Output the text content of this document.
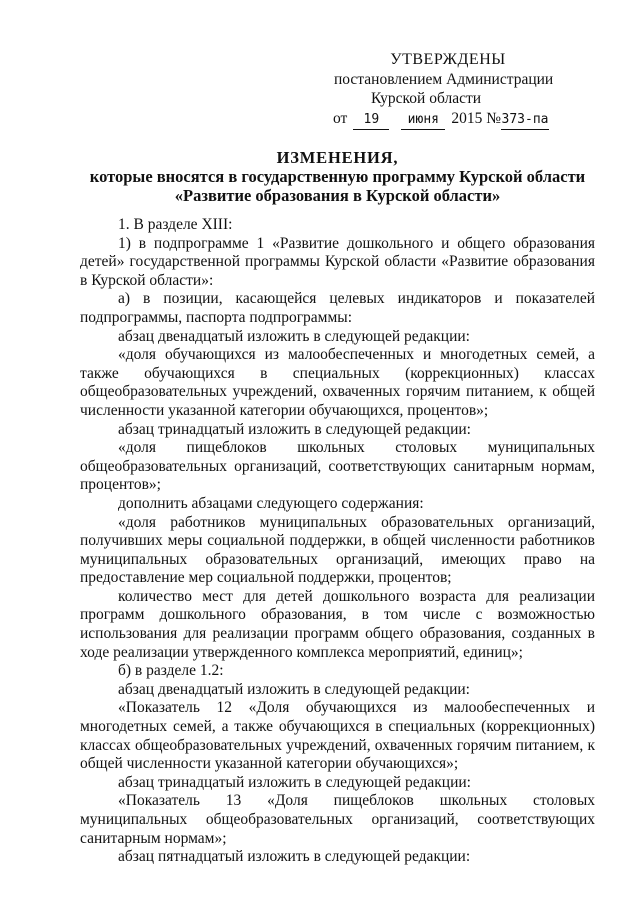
УТВЕРЖДЕНЫ
постановлением Администрации
Курской области
от 19 июня 2015 №373-па
ИЗМЕНЕНИЯ,
которые вносятся в государственную программу Курской области
«Развитие образования в Курской области»

1. В разделе XIII:

1) в подпрограмме 1 «Развитие дошкольного и общего образования детей» государственной программы Курской области «Развитие образования в Курской области»:

а) в позиции, касающейся целевых индикаторов и показателей подпрограммы, паспорта подпрограммы:

абзац двенадцатый изложить в следующей редакции:

«доля обучающихся из малообеспеченных и многодетных семей, а также обучающихся в специальных (коррекционных) классах общеобразовательных учреждений, охваченных горячим питанием, к общей численности указанной категории обучающихся, процентов»;

абзац тринадцатый изложить в следующей редакции:

«доля пищеблоков школьных столовых муниципальных общеобразовательных организаций, соответствующих санитарным нормам, процентов»;

дополнить абзацами следующего содержания:

«доля работников муниципальных образовательных организаций, получивших меры социальной поддержки, в общей численности работников муниципальных образовательных организаций, имеющих право на предоставление мер социальной поддержки, процентов;

количество мест для детей дошкольного возраста для реализации программ дошкольного образования, в том числе с возможностью использования для реализации программ общего образования, созданных в ходе реализации утвержденного комплекса мероприятий, единиц»;

б) в разделе 1.2:

абзац двенадцатый изложить в следующей редакции:

«Показатель 12 «Доля обучающихся из малообеспеченных и многодетных семей, а также обучающихся в специальных (коррекционных) классах общеобразовательных учреждений, охваченных горячим питанием, к общей численности указанной категории обучающихся»;

абзац тринадцатый изложить в следующей редакции:

«Показатель 13 «Доля пищеблоков школьных столовых муниципальных общеобразовательных организаций, соответствующих санитарным нормам»;

абзац пятнадцатый изложить в следующей редакции:
